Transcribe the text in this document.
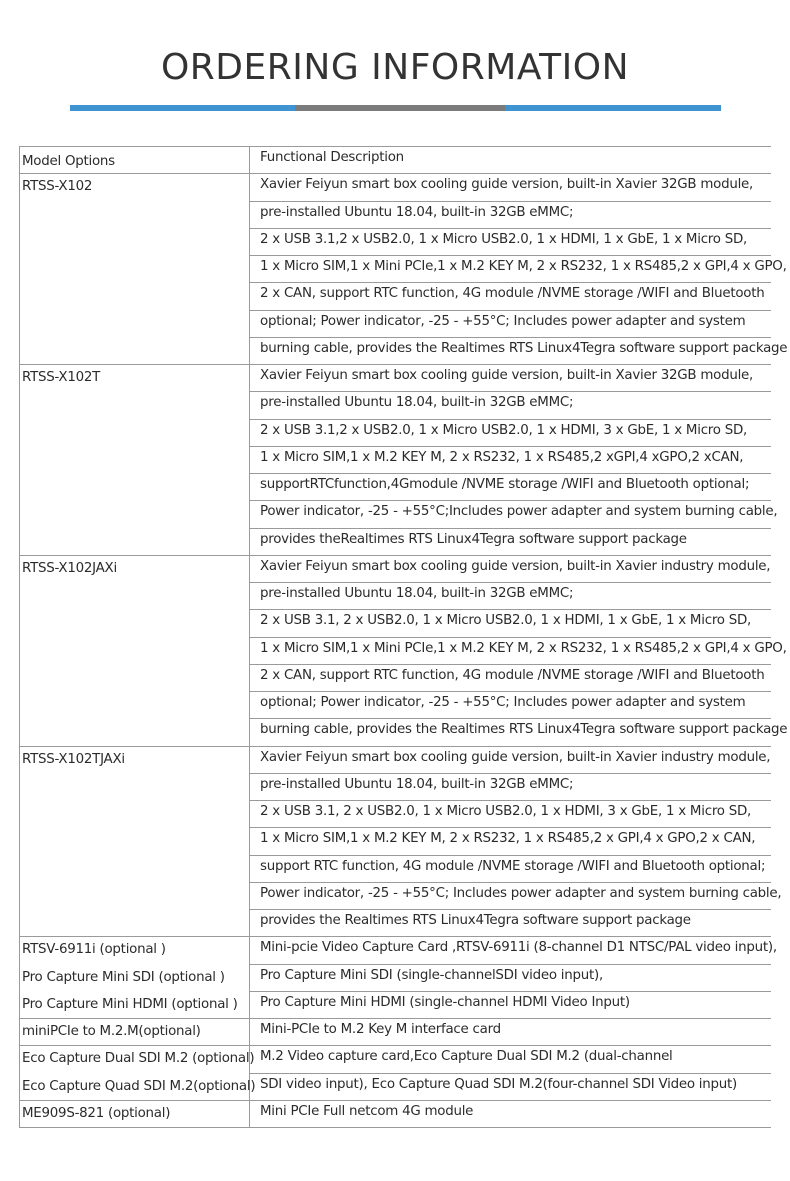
ORDERING INFORMATION
Model Options	Functional Description
Xavier Feiyun smart box cooling guide version, built-in Xavier 32GB module,
pre-installed Ubuntu 18.04, built-in 32GB eMMC;
2 x USB 3.1,2 x USB2.0, 1 x Micro USB2.0, 1 x HDMI, 1 x GbE, 1 x Micro SD,
1 x Micro SIM,1 x Mini PCIe,1 x M.2 KEY M, 2 x RS232, 1 x RS485,2 x GPI,4 x GPO,
2 x CAN, support RTC function, 4G module /NVME storage /WIFI and Bluetooth
optional; Power indicator, -25 - +55°C; Includes power adapter and system
burning cable, provides the Realtimes RTS Linux4Tegra software support package
RTSS-X102
Xavier Feiyun smart box cooling guide version, built-in Xavier 32GB module,
pre-installed Ubuntu 18.04, built-in 32GB eMMC;
2 x USB 3.1,2 x USB2.0, 1 x Micro USB2.0, 1 x HDMI, 3 x GbE, 1 x Micro SD,
1 x Micro SIM,1 x M.2 KEY M, 2 x RS232, 1 x RS485,2 xGPI,4 xGPO,2 xCAN,
supportRTCfunction,4Gmodule /NVME storage /WIFI and Bluetooth optional;
Power indicator, -25 - +55°C;Includes power adapter and system burning cable,
provides theRealtimes RTS Linux4Tegra software support package
RTSS-X102T
Xavier Feiyun smart box cooling guide version, built-in Xavier industry module,
pre-installed Ubuntu 18.04, built-in 32GB eMMC;
2 x USB 3.1, 2 x USB2.0, 1 x Micro USB2.0, 1 x HDMI, 1 x GbE, 1 x Micro SD,
1 x Micro SIM,1 x Mini PCIe,1 x M.2 KEY M, 2 x RS232, 1 x RS485,2 x GPI,4 x GPO,
2 x CAN, support RTC function, 4G module /NVME storage /WIFI and Bluetooth
optional; Power indicator, -25 - +55°C; Includes power adapter and system
burning cable, provides the Realtimes RTS Linux4Tegra software support package
RTSS-X102JAXi
Xavier Feiyun smart box cooling guide version, built-in Xavier industry module,
pre-installed Ubuntu 18.04, built-in 32GB eMMC;
2 x USB 3.1, 2 x USB2.0, 1 x Micro USB2.0, 1 x HDMI, 3 x GbE, 1 x Micro SD,
1 x Micro SIM,1 x M.2 KEY M, 2 x RS232, 1 x RS485,2 x GPI,4 x GPO,2 x CAN,
support RTC function, 4G module /NVME storage /WIFI and Bluetooth optional;
Power indicator, -25 - +55°C; Includes power adapter and system burning cable,
provides the Realtimes RTS Linux4Tegra software support package
RTSS-X102TJAXi
Mini-pcie Video Capture Card ,RTSV-6911i (8-channel D1 NTSC/PAL video input),
Pro Capture Mini SDI (single-channelSDI video input),
Pro Capture Mini HDMI (single-channel HDMI Video Input)
RTSV-6911i (optional )
Pro Capture Mini SDI (optional )
Pro Capture Mini HDMI (optional )
Mini-PCIe to M.2 Key M interface card
miniPCIe to M.2.M(optional)
M.2 Video capture card,Eco Capture Dual SDI M.2 (dual-channel
SDI video input), Eco Capture Quad SDI M.2(four-channel SDI Video input)
Eco Capture Dual SDI M.2 (optional)
Eco Capture Quad SDI M.2(optional)
Mini PCIe Full netcom 4G module
ME909S-821 (optional)
